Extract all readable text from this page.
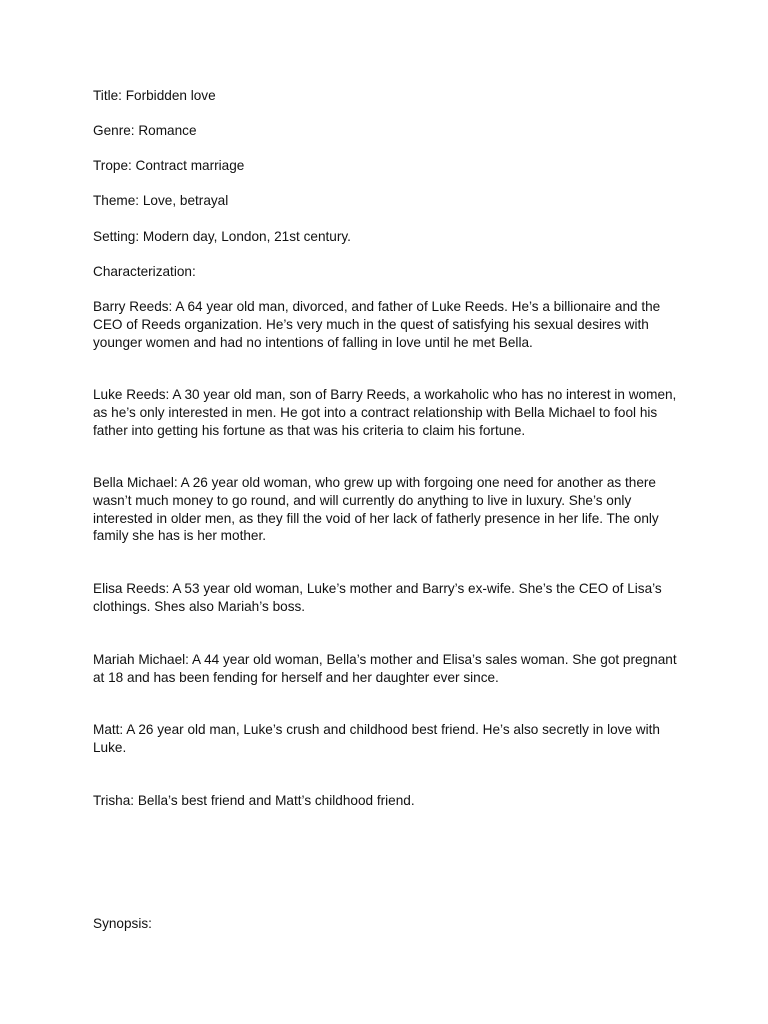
Title: Forbidden love

Genre: Romance

Trope: Contract marriage

Theme: Love, betrayal

Setting: Modern day, London, 21st century.

Characterization:

Barry Reeds: A 64 year old man, divorced, and father of Luke Reeds. He’s a billionaire and the CEO of Reeds organization. He’s very much in the quest of satisfying his sexual desires with younger women and had no intentions of falling in love until he met Bella.

Luke Reeds: A 30 year old man, son of Barry Reeds, a workaholic who has no interest in women, as he’s only interested in men. He got into a contract relationship with Bella Michael to fool his father into getting his fortune as that was his criteria to claim his fortune.

Bella Michael: A 26 year old woman, who grew up with forgoing one need for another as there wasn’t much money to go round, and will currently do anything to live in luxury. She’s only interested in older men, as they fill the void of her lack of fatherly presence in her life. The only family she has is her mother.

Elisa Reeds: A 53 year old woman, Luke’s mother and Barry’s ex-wife. She’s the CEO of Lisa’s clothings. Shes also Mariah’s boss.

Mariah Michael: A 44 year old woman, Bella’s mother and Elisa’s sales woman. She got pregnant at 18 and has been fending for herself and her daughter ever since.

Matt: A 26 year old man, Luke’s crush and childhood best friend. He’s also secretly in love with Luke.

Trisha: Bella’s best friend and Matt’s childhood friend.

Synopsis:
